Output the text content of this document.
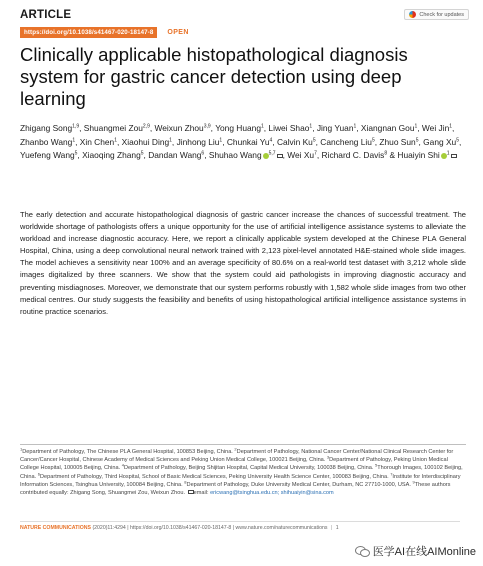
ARTICLE	Check for updates
https://doi.org/10.1038/s41467-020-18147-8	OPEN
Clinically applicable histopathological diagnosis system for gastric cancer detection using deep learning
Zhigang Song$^{1,9}$, Shuangmei Zou$^{2,9}$, Weixun Zhou$^{3,9}$, Yong Huang$^1$, Liwei Shao$^1$, Jing Yuan$^1$, Xiangnan Gou$^1$, Wei Jin$^1$, Zhanbo Wang$^1$, Xin Chen$^1$, Xiaohui Ding$^1$, Jinhong Liu$^1$, Chunkai Yu$^4$, Calvin Ku$^5$, Cancheng Liu$^5$, Zhuo Sun$^5$, Gang Xu$^5$, Yuefeng Wang$^5$, Xiaoqing Zhang$^5$, Dandan Wang$^6$, Shuhao Wang $^{5,7}$ , Wei Xu$^7$, Richard C. Davis$^8$ & Huaiyin Shi $^1$

The early detection and accurate histopathological diagnosis of gastric cancer increase the chances of successful treatment. The worldwide shortage of pathologists offers a unique opportunity for the use of artificial intelligence assistance systems to alleviate the workload and increase diagnostic accuracy. Here, we report a clinically applicable system developed at the Chinese PLA General Hospital, China, using a deep convolutional neural network trained with 2,123 pixel-level annotated H&E-stained whole slide images. The model achieves a sensitivity near 100% and an average specificity of 80.6% on a real-world test dataset with 3,212 whole slide images digitalized by three scanners. We show that the system could aid pathologists in improving diagnostic accuracy and preventing misdiagnoses. Moreover, we demonstrate that our system performs robustly with 1,582 whole slide images from two other medical centres. Our study suggests the feasibility and benefits of using histopathological artificial intelligence assistance systems in routine practice scenarios.

$^1$Department of Pathology, The Chinese PLA General Hospital, 100853 Beijing, China. $^2$Department of Pathology, National Cancer Center/National Clinical Research Center for Cancer/Cancer Hospital, Chinese Academy of Medical Sciences and Peking Union Medical College, 100021 Beijing, China. $^3$Department of Pathology, Peking Union Medical College Hospital, 100005 Beijing, China. $^4$Department of Pathology, Beijing Shijitan Hospital, Capital Medical University, 100038 Beijing, China. $^5$Thorough Images, 100102 Beijing, China. $^6$Department of Pathology, Third Hospital, School of Basic Medical Sciences, Peking University Health Science Center, 100083 Beijing, China. $^7$Institute for Interdisciplinary Information Sciences, Tsinghua University, 100084 Beijing, China. $^8$Department of Pathology, Duke University Medical Center, Durham, NC 27710-1000, USA. $^9$These authors contributed equally: Zhigang Song, Shuangmei Zou, Weixun Zhou. email: ericwang@tsinghua.edu.cn; shihuaiyin@sina.com

NATURE COMMUNICATIONS (2020)11:4294 | https://doi.org/10.1038/s41467-020-18147-8 | www.nature.com/naturecommunications | 1
医学AI在线AIMonline
